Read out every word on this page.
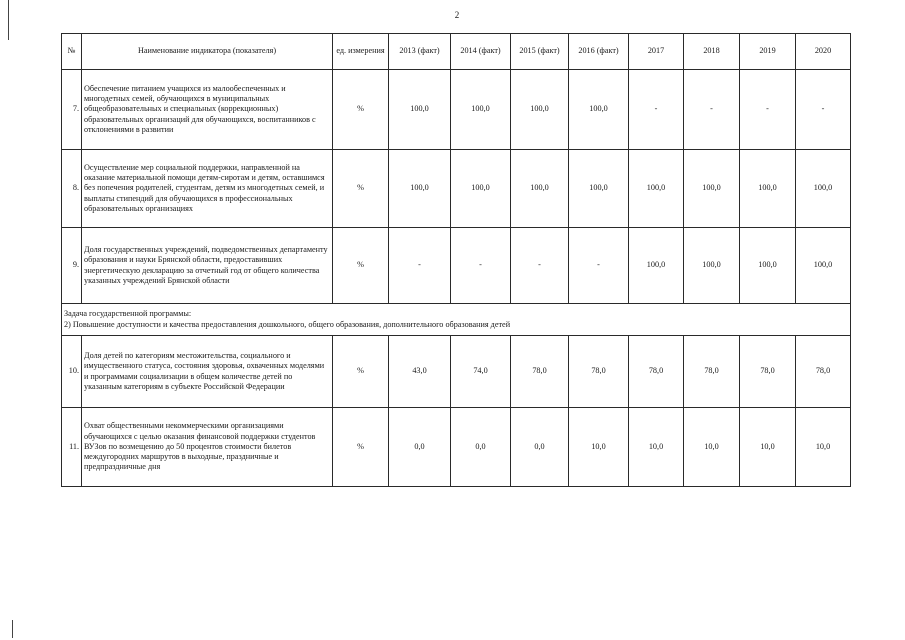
2
№	Наименование индикатора (показателя)	ед. измерения	2013 (факт)	2014 (факт)	2015 (факт)	2016 (факт)	2017	2018	2019	2020
7.	Обеспечение питанием учащихся из малообеспеченных и многодетных семей, обучающихся в муниципальных общеобразовательных и специальных (коррекционных) образовательных организаций для обучающихся, воспитанников с отклонениями в развитии	%	100,0	100,0	100,0	100,0	-	-	-	-
8.	Осуществление мер социальной поддержки, направленной на оказание материальной помощи детям-сиротам и детям, оставшимся без попечения родителей, студентам, детям из многодетных семей, и выплаты стипендий для обучающихся в профессиональных образовательных организациях	%	100,0	100,0	100,0	100,0	100,0	100,0	100,0	100,0
9.	Доля государственных учреждений, подведомственных департаменту образования и науки Брянской области, предоставивших энергетическую декларацию за отчетный год от общего количества указанных учреждений Брянской области	%	-	-	-	-	100,0	100,0	100,0	100,0

Задача государственной программы:
2) Повышение доступности и качества предоставления дошкольного, общего образования, дополнительного образования детей										

10.	Доля детей по категориям местожительства, социального и имущественного статуса, состояния здоровья, охваченных моделями и программами социализации в общем количестве детей по указанным категориям в субъекте Российской Федерации	%	43,0	74,0	78,0	78,0	78,0	78,0	78,0	78,0
11.	Охват общественными некоммерческими организациями обучающихся с целью оказания финансовой поддержки студентов ВУЗов по возмещению до 50 процентов стоимости билетов междугородних маршрутов в выходные, праздничные и предпраздничные дня	%	0,0	0,0	0,0	10,0	10,0	10,0	10,0	10,0
